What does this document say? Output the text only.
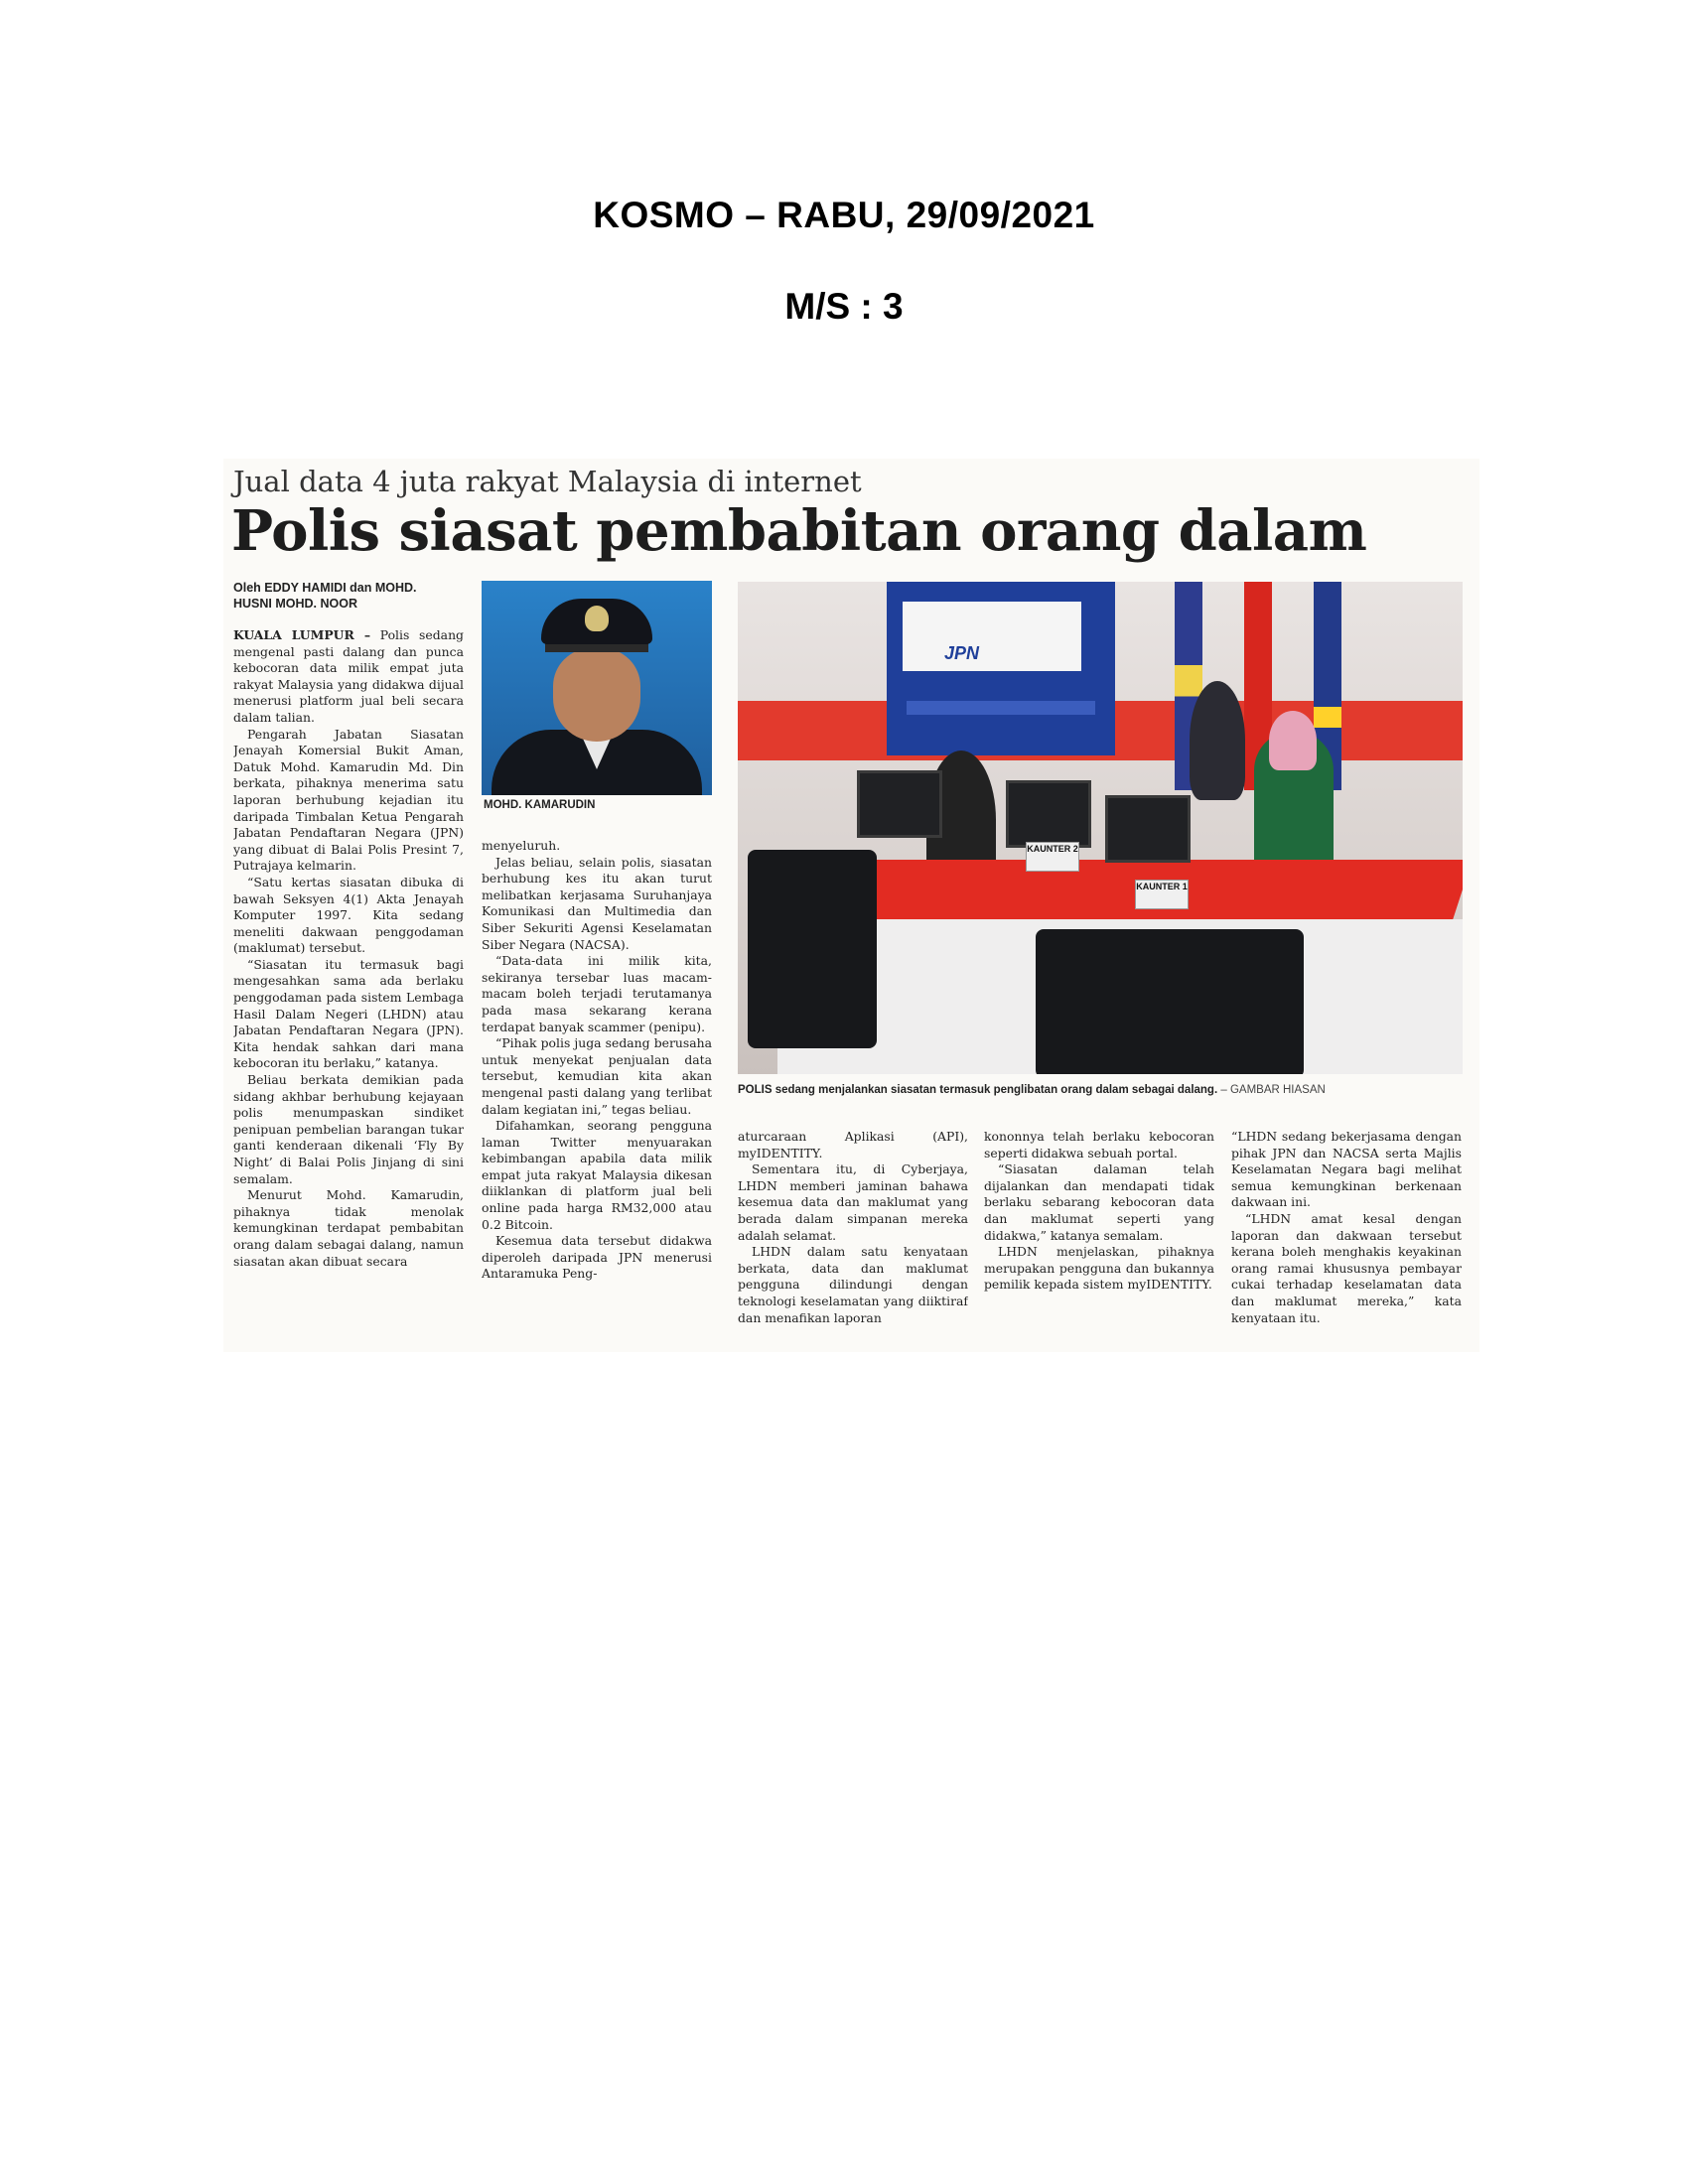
KOSMO – RABU, 29/09/2021
M/S : 3
Jual data 4 juta rakyat Malaysia di internet
Polis siasat pembabitan orang dalam
Oleh EDDY HAMIDI dan MOHD. HUSNI MOHD. NOOR

KUALA LUMPUR – Polis sedang mengenal pasti dalang dan punca kebocoran data milik empat juta rakyat Malaysia yang didakwa dijual menerusi platform jual beli secara dalam talian.

Pengarah Jabatan Siasatan Jenayah Komersial Bukit Aman, Datuk Mohd. Kamarudin Md. Din berkata, pihaknya menerima satu laporan berhubung kejadian itu daripada Timbalan Ketua Pengarah Jabatan Pendaftaran Negara (JPN) yang dibuat di Balai Polis Presint 7, Putrajaya kelmarin.

“Satu kertas siasatan dibuka di bawah Seksyen 4(1) Akta Jenayah Komputer 1997. Kita sedang meneliti dakwaan penggodaman (maklumat) tersebut.

“Siasatan itu termasuk bagi mengesahkan sama ada berlaku penggodaman pada sistem Lembaga Hasil Dalam Negeri (LHDN) atau Jabatan Pendaftaran Negara (JPN). Kita hendak sahkan dari mana kebocoran itu berlaku,” katanya.

Beliau berkata demikian pada sidang akhbar berhubung kejayaan polis menumpaskan sindiket penipuan pembelian barangan tukar ganti kenderaan dikenali ‘Fly By Night’ di Balai Polis Jinjang di sini semalam.

Menurut Mohd. Kamarudin, pihaknya tidak menolak kemungkinan terdapat pembabitan orang dalam sebagai dalang, namun siasatan akan dibuat secara

MOHD. KAMARUDIN

menyeluruh.

Jelas beliau, selain polis, siasatan berhubung kes itu akan turut melibatkan kerjasama Suruhanjaya Komunikasi dan Multimedia dan Siber Sekuriti Agensi Keselamatan Siber Negara (NACSA).

“Data-data ini milik kita, sekiranya tersebar luas macam-macam boleh terjadi terutamanya pada masa sekarang kerana terdapat banyak scammer (penipu).

“Pihak polis juga sedang berusaha untuk menyekat penjualan data tersebut, kemudian kita akan mengenal pasti dalang yang terlibat dalam kegiatan ini,” tegas beliau.

Difahamkan, seorang pengguna laman Twitter menyuarakan kebimbangan apabila data milik empat juta rakyat Malaysia dikesan diiklankan di platform jual beli online pada harga RM32,000 atau 0.2 Bitcoin.

Kesemua data tersebut didakwa diperoleh daripada JPN menerusi Antaramuka Peng-

JPN
KAUNTER 2
KAUNTER 1
POLIS sedang menjalankan siasatan termasuk penglibatan orang dalam sebagai dalang. – GAMBAR HIASAN

aturcaraan Aplikasi (API), myIDENTITY.

Sementara itu, di Cyberjaya, LHDN memberi jaminan bahawa kesemua data dan maklumat yang berada dalam simpanan mereka adalah selamat.

LHDN dalam satu kenyataan berkata, data dan maklumat pengguna dilindungi dengan teknologi keselamatan yang diiktiraf dan menafikan laporan

kononnya telah berlaku kebocoran seperti didakwa sebuah portal.

“Siasatan dalaman telah dijalankan dan mendapati tidak berlaku sebarang kebocoran data dan maklumat seperti yang didakwa,” katanya semalam.

LHDN menjelaskan, pihaknya merupakan pengguna dan bukannya pemilik kepada sistem myIDENTITY.

“LHDN sedang bekerjasama dengan pihak JPN dan NACSA serta Majlis Keselamatan Negara bagi melihat semua kemungkinan berkenaan dakwaan ini.

“LHDN amat kesal dengan laporan dan dakwaan tersebut kerana boleh menghakis keyakinan orang ramai khususnya pembayar cukai terhadap keselamatan data dan maklumat mereka,” kata kenyataan itu.
